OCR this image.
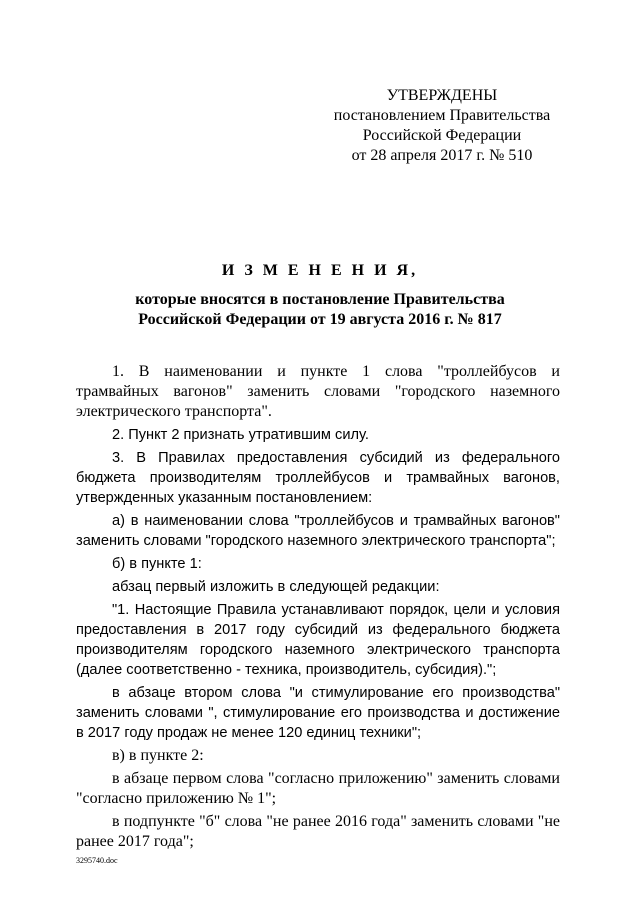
УТВЕРЖДЕНЫ
постановлением Правительства
Российской Федерации
от 28 апреля 2017 г. № 510
И З М Е Н Е Н И Я,
которые вносятся в постановление Правительства
Российской Федерации от 19 августа 2016 г. № 817

1. В наименовании и пункте 1 слова "троллейбусов и трамвайных вагонов" заменить словами "городского наземного электрического транспорта".

2. Пункт 2 признать утратившим силу.

3. В Правилах предоставления субсидий из федерального бюджета производителям троллейбусов и трамвайных вагонов, утвержденных указанным постановлением:

а) в наименовании слова "троллейбусов и трамвайных вагонов" заменить словами "городского наземного электрического транспорта";

б) в пункте 1:

абзац первый изложить в следующей редакции:

"1. Настоящие Правила устанавливают порядок, цели и условия предоставления в 2017 году субсидий из федерального бюджета производителям городского наземного электрического транспорта (далее соответственно - техника, производитель, субсидия).";

в абзаце втором слова "и стимулирование его производства" заменить словами ", стимулирование его производства и достижение в 2017 году продаж не менее 120 единиц техники";

в) в пункте 2:

в абзаце первом слова "согласно приложению" заменить словами "согласно приложению № 1";

в подпункте "б" слова "не ранее 2016 года" заменить словами "не ранее 2017 года";

3295740.doc
